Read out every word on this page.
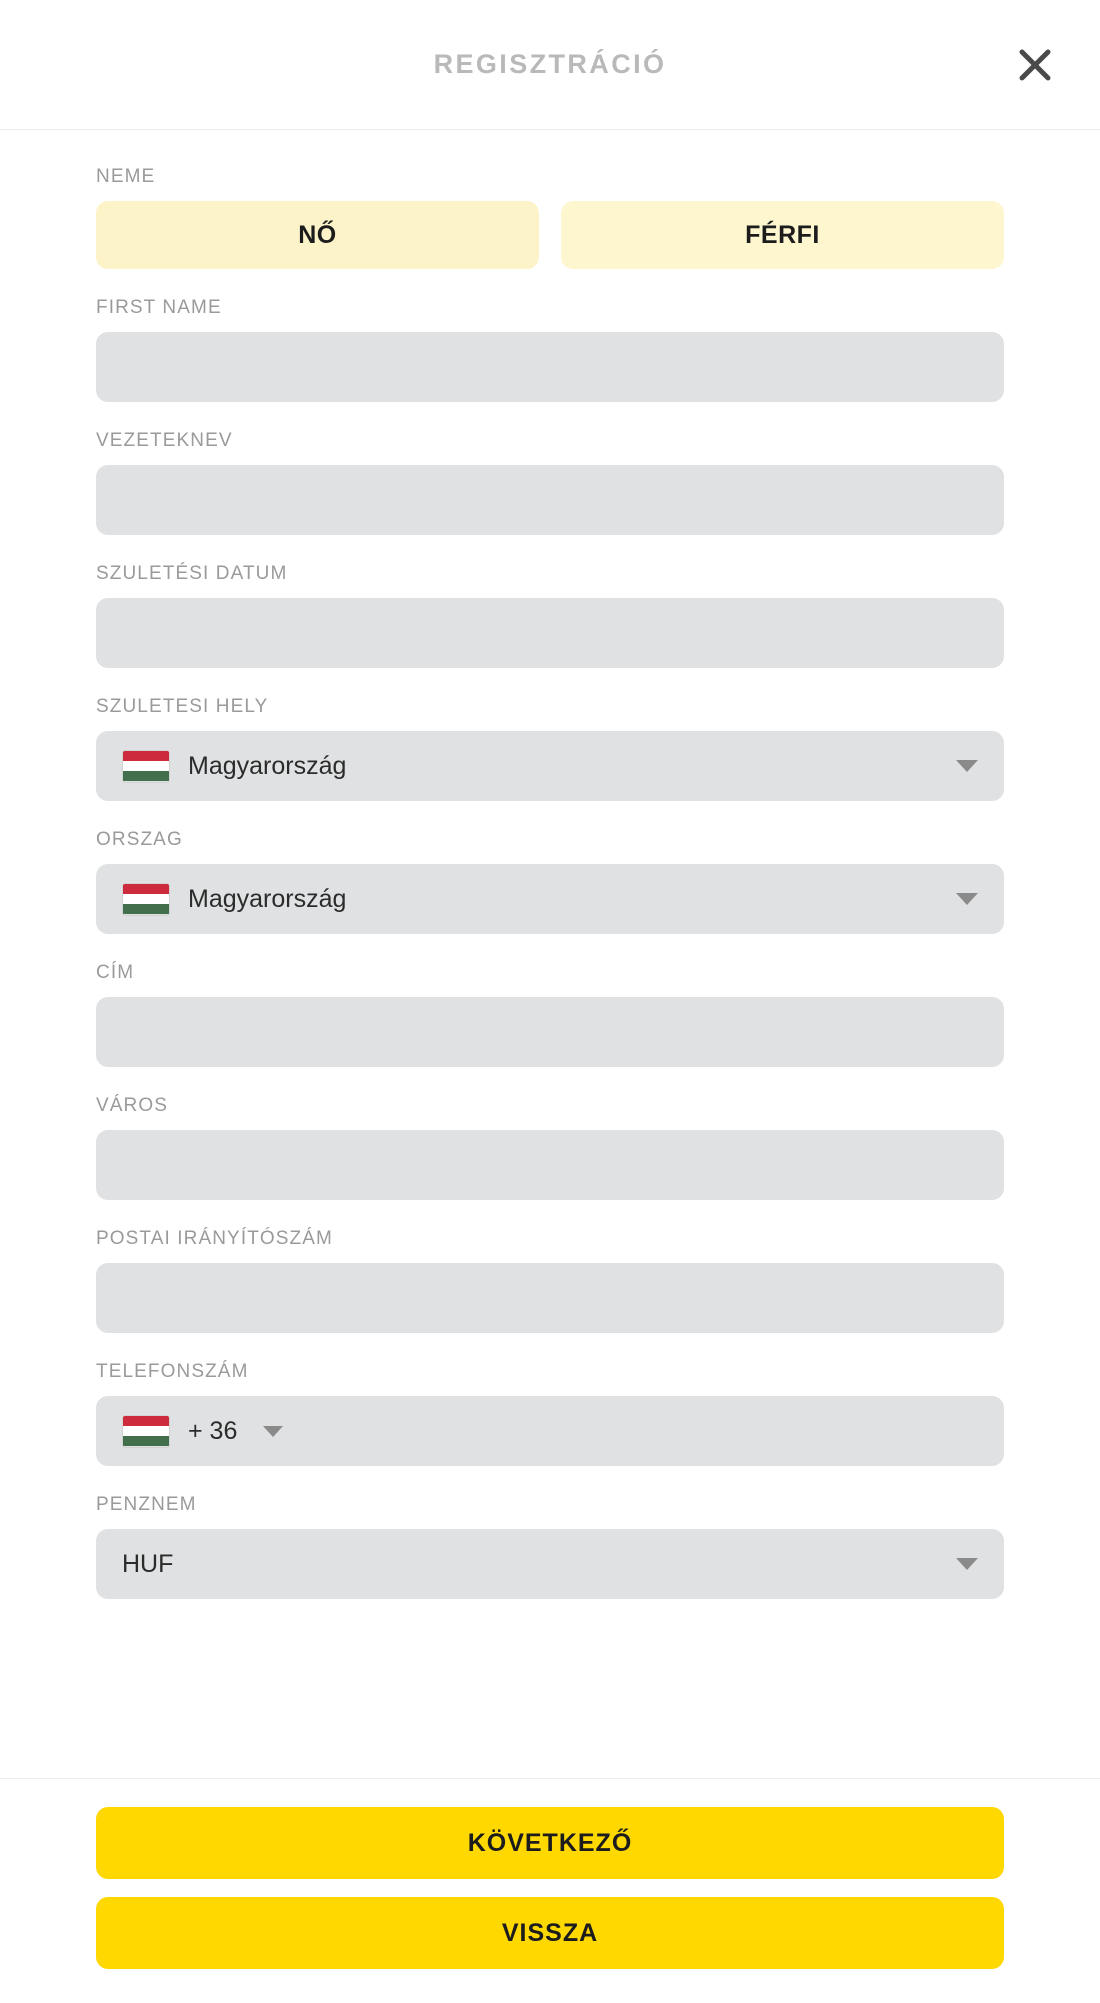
REGISZTRÁCIÓ
NEME
NŐ	FÉRFI
FIRST NAME
VEZETEKNEV
SZULETÉSI DATUM
SZULETESI HELY
Magyarország
ORSZAG
Magyarország
CÍM
VÁROS
POSTAI IRÁNYÍTÓSZÁM
TELEFONSZÁM
+ 36
PENZNEM
HUF
KÖVETKEZŐ
VISSZA
